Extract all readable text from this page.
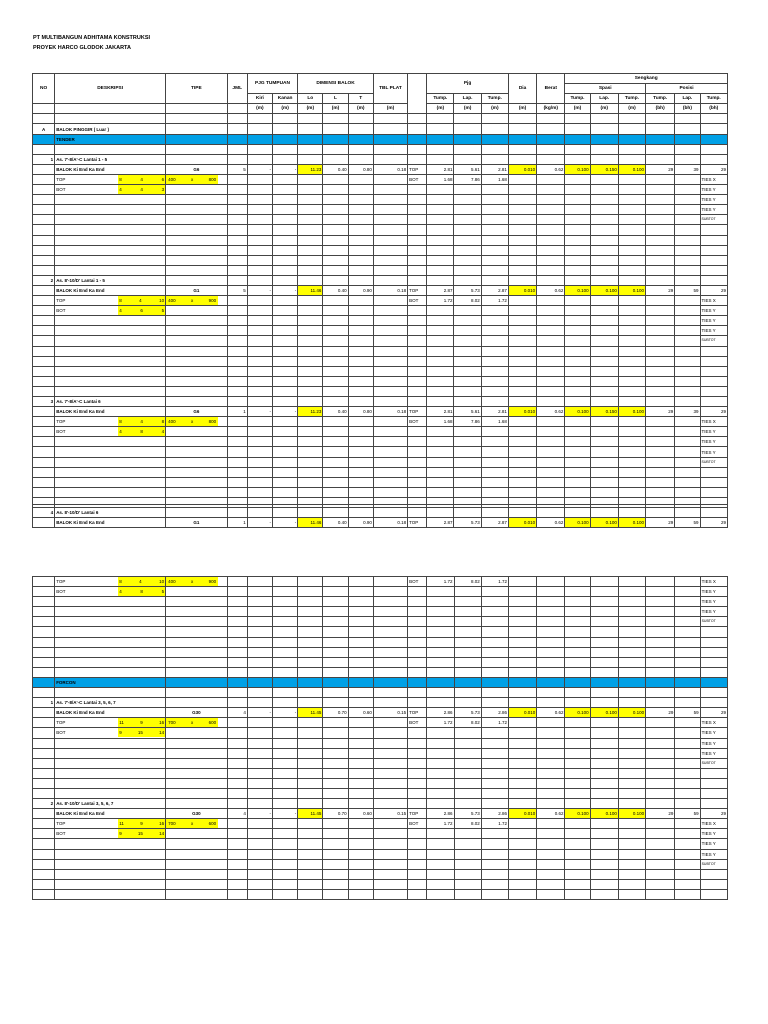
PT MULTIBANGUN ADHITAMA KONSTRUKSI
PROYEK HARCO GLODOK JAKARTA
NO	DESKRIPSI	TIPE	JML	PJG TUMPUAN		DIMENSI BALOK			TBL PLAT		Pjg			Dia	Berat	Sengkang					
																Spasi			Posisi		
				Kiri	Kanan	Lo	L	T			Tump.	Lap.	Tump.			Tump.	Lap.	Tump.	Tump.	Lap.	Tump.
				(m)	(m)	(m)	(m)	(m)	(m)		(m)	(m)	(m)	(m)	(kg/m)	(m)	(m)	(m)	(bh)	(bh)	(bh)

A	BALOK PINGGIR ( Luar )																				
	TENDER																				

1	As. 7'-8/A'-C Lantai 1 - 5																				
	BALOK Ki End Ka End	G6	5	-	-	11.23	0.40	0.80	0.18	TOP	2.81	5.61	2.81	0.010	0.62	0.100	0.150	0.100	29	39	29

	TOP 8 4 6	400 x 800								BOT	1.68	7.86	1.68								TIES X

	BOT 4 4 3																				TIES Y
																					TIES Y
																					TIES Y
																					SUBTOT

2	As. 8'-10/D' Lantai 1 - 5																				
	BALOK Ki End Ka End	G1	5	-	-	11.46	0.40	0.90	0.18	TOP	2.87	5.73	2.87	0.010	0.62	0.100	0.100	0.100	29	59	29

	TOP 8 4 10	400 x 900								BOT	1.72	8.02	1.72								TIES X

	BOT 4 6 5																				TIES Y
																					TIES Y
																					TIES Y
																					SUBTOT

3	As. 7'-8/A'-C Lantai 6																				
	BALOK Ki End Ka End	G6	1	-	-	11.23	0.40	0.80	0.18	TOP	2.81	5.61	2.81	0.010	0.62	0.100	0.150	0.100	29	39	29

	TOP 8 4 8	400 x 800								BOT	1.68	7.86	1.68								TIES X

	BOT 4 8 4																				TIES Y
																					TIES Y
																					TIES Y
																					SUBTOT

4	As. 8'-10/D' Lantai 6																				
	BALOK Ki End Ka End	G1	1	-	-	11.46	0.40	0.90	0.18	TOP	2.87	5.73	2.87	0.010	0.62	0.100	0.100	0.100	29	59	29

	TOP 8 4 10	400 x 900								BOT	1.72	8.02	1.72								TIES X

	BOT 4 8 5																				TIES Y
																					TIES Y
																					TIES Y
																					SUBTOT

	FORCON																				

1	As. 7'-8/A'-C Lantai 3, 5, 6, 7																				
	BALOK Ki End Ka End	G30	4	-	-	11.45	0.70	0.60	0.15	TOP	2.86	5.73	2.86	0.010	0.62	0.100	0.100	0.100	29	59	29

	TOP 11 9 16	700 x 600								BOT	1.72	8.02	1.72								TIES X

	BOT 9 15 14																				TIES Y
																					TIES Y
																					TIES Y
																					SUBTOT

2	As. 8'-10/D' Lantai 3, 5, 6, 7																				
	BALOK Ki End Ka End	G30	4	-	-	11.45	0.70	0.60	0.15	TOP	2.86	5.73	2.86	0.010	0.62	0.100	0.100	0.100	29	59	29

	TOP 11 9 16	700 x 600								BOT	1.72	8.02	1.72								TIES X

	BOT 9 15 14																				TIES Y
																					TIES Y
																					TIES Y
																					SUBTOT
